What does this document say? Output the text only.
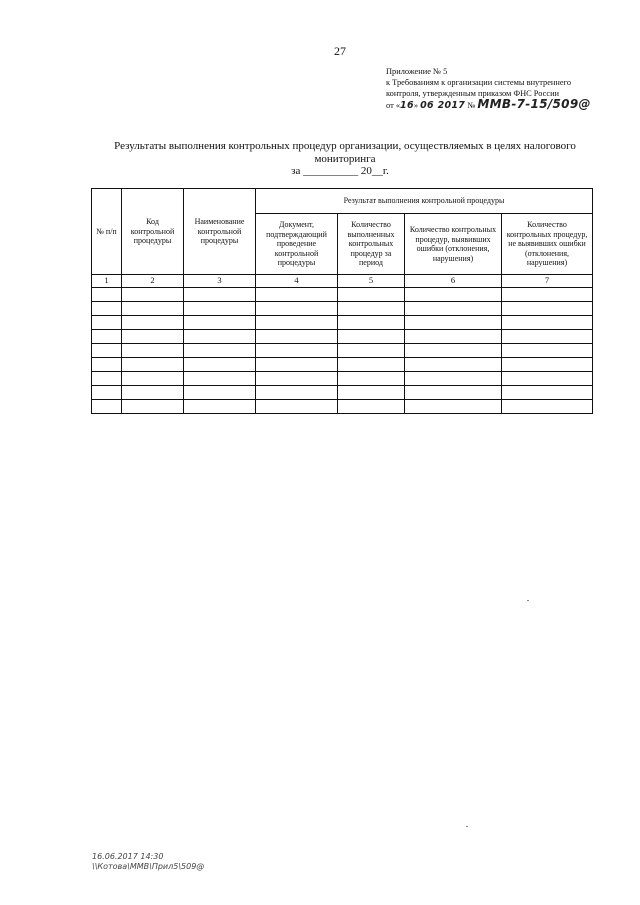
27
Приложение № 5
к Требованиям к организации системы внутреннего
контроля, утвержденным приказом ФНС России
от «16» 06 2017 № ММВ-7-15/509@
Результаты выполнения контрольных процедур организации, осуществляемых в целях налогового мониторинга
за __________ 20__г.
№ п/п	Код контрольной процедуры	Наименование контрольной процедуры	Результат выполнения контрольной процедуры			
			Документ, подтверждающий проведение контрольной процедуры	Количество выполненных контрольных процедур за период	Количество контрольных процедур, выявивших ошибки (отклонения, нарушения)	Количество контрольных процедур, не выявивших ошибки (отклонения, нарушения)
1	2	3	4	5	6	7

16.06.2017 14:30
\\Котова\ММВ\Прил5\509@
